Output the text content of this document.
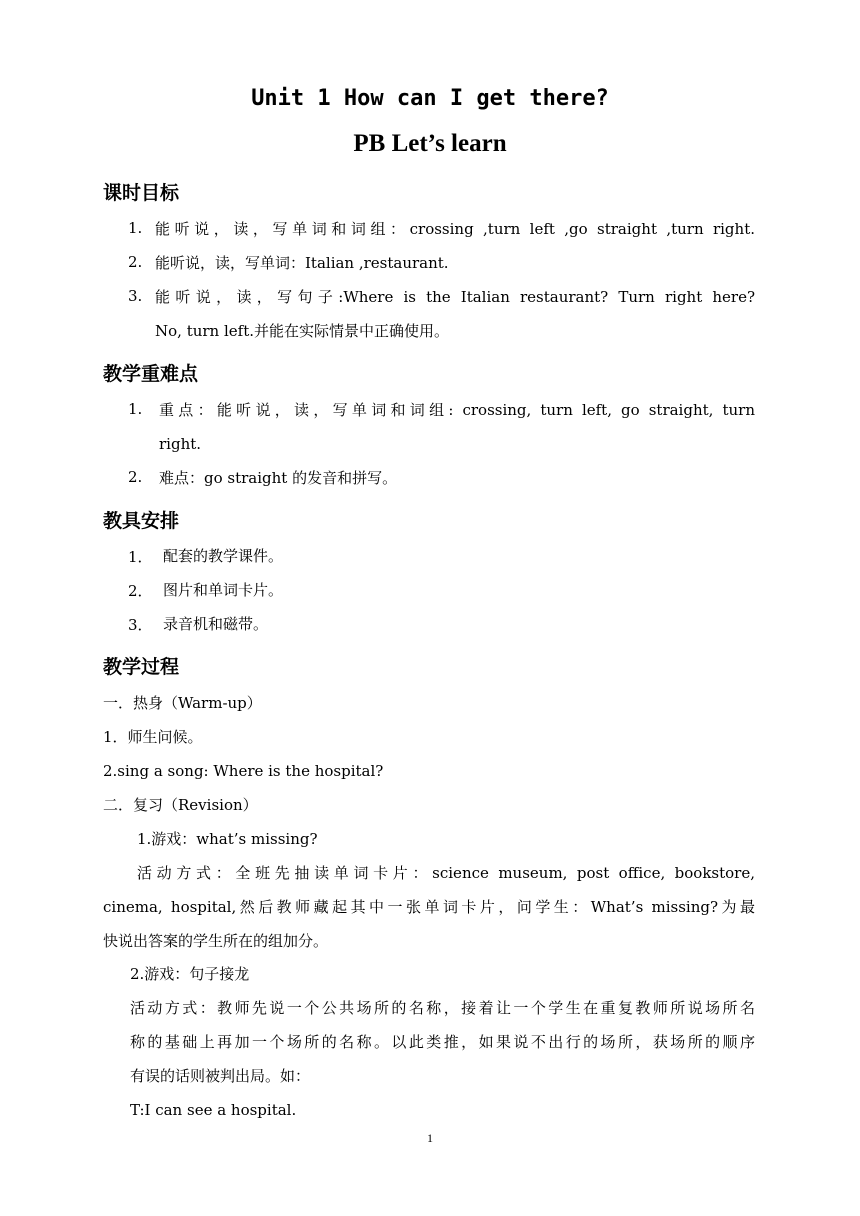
Unit 1 How can I get there?
PB Let’s learn
课时目标
1. 能听说，读，写单词和词组：crossing ,turn left ,go straight ,turn right.
2. 能听说，读，写单词：Italian ,restaurant.
3. 能听说，读，写句子:Where is the Italian restaurant? Turn right here?
No, turn left.并能在实际情景中正确使用。
教学重难点
1. 重点：能听说，读，写单词和词组: crossing, turn left, go straight, turn
right.
2. 难点：go straight 的发音和拼写。
教具安排
1． 配套的教学课件。
2． 图片和单词卡片。
3． 录音机和磁带。
教学过程
一．热身（Warm-up）
1．师生问候。
2.sing a song: Where is the hospital?
二．复习（Revision）
1.游戏：what’s missing?
活动方式：全班先抽读单词卡片：science museum, post office, bookstore,
cinema, hospital,然后教师藏起其中一张单词卡片，问学生：What’s missing?为最
快说出答案的学生所在的组加分。
2.游戏：句子接龙
活动方式：教师先说一个公共场所的名称，接着让一个学生在重复教师所说场所名
称的基础上再加一个场所的名称。以此类推，如果说不出行的场所，获场所的顺序
有误的话则被判出局。如：
T:I can see a hospital.
1
